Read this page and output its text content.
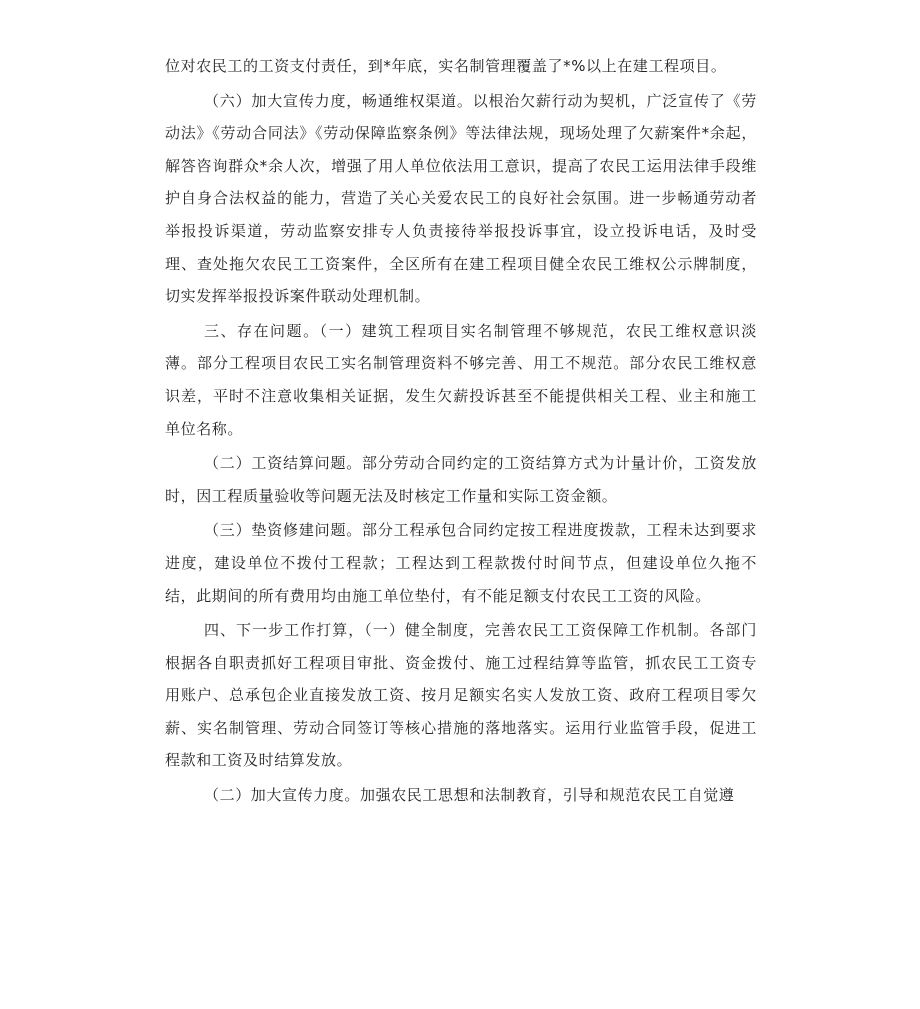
位对农民工的工资支付责任，到*年底，实名制管理覆盖了*%以上在建工程项目。

（六）加大宣传力度，畅通维权渠道。以根治欠薪行动为契机，广泛宣传了《劳动法》《劳动合同法》《劳动保障监察条例》等法律法规，现场处理了欠薪案件*余起，解答咨询群众*余人次，增强了用人单位依法用工意识，提高了农民工运用法律手段维护自身合法权益的能力，营造了关心关爱农民工的良好社会氛围。进一步畅通劳动者举报投诉渠道，劳动监察安排专人负责接待举报投诉事宜，设立投诉电话，及时受理、查处拖欠农民工工资案件，全区所有在建工程项目健全农民工维权公示牌制度，切实发挥举报投诉案件联动处理机制。

三、存在问题。（一）建筑工程项目实名制管理不够规范，农民工维权意识淡薄。部分工程项目农民工实名制管理资料不够完善、用工不规范。部分农民工维权意识差，平时不注意收集相关证据，发生欠薪投诉甚至不能提供相关工程、业主和施工单位名称。

（二）工资结算问题。部分劳动合同约定的工资结算方式为计量计价，工资发放时，因工程质量验收等问题无法及时核定工作量和实际工资金额。

（三）垫资修建问题。部分工程承包合同约定按工程进度拨款，工程未达到要求进度，建设单位不拨付工程款；工程达到工程款拨付时间节点，但建设单位久拖不结，此期间的所有费用均由施工单位垫付，有不能足额支付农民工工资的风险。

四、下一步工作打算，（一）健全制度，完善农民工工资保障工作机制。各部门根据各自职责抓好工程项目审批、资金拨付、施工过程结算等监管，抓农民工工资专用账户、总承包企业直接发放工资、按月足额实名实人发放工资、政府工程项目零欠薪、实名制管理、劳动合同签订等核心措施的落地落实。运用行业监管手段，促进工程款和工资及时结算发放。

（二）加大宣传力度。加强农民工思想和法制教育，引导和规范农民工自觉遵
